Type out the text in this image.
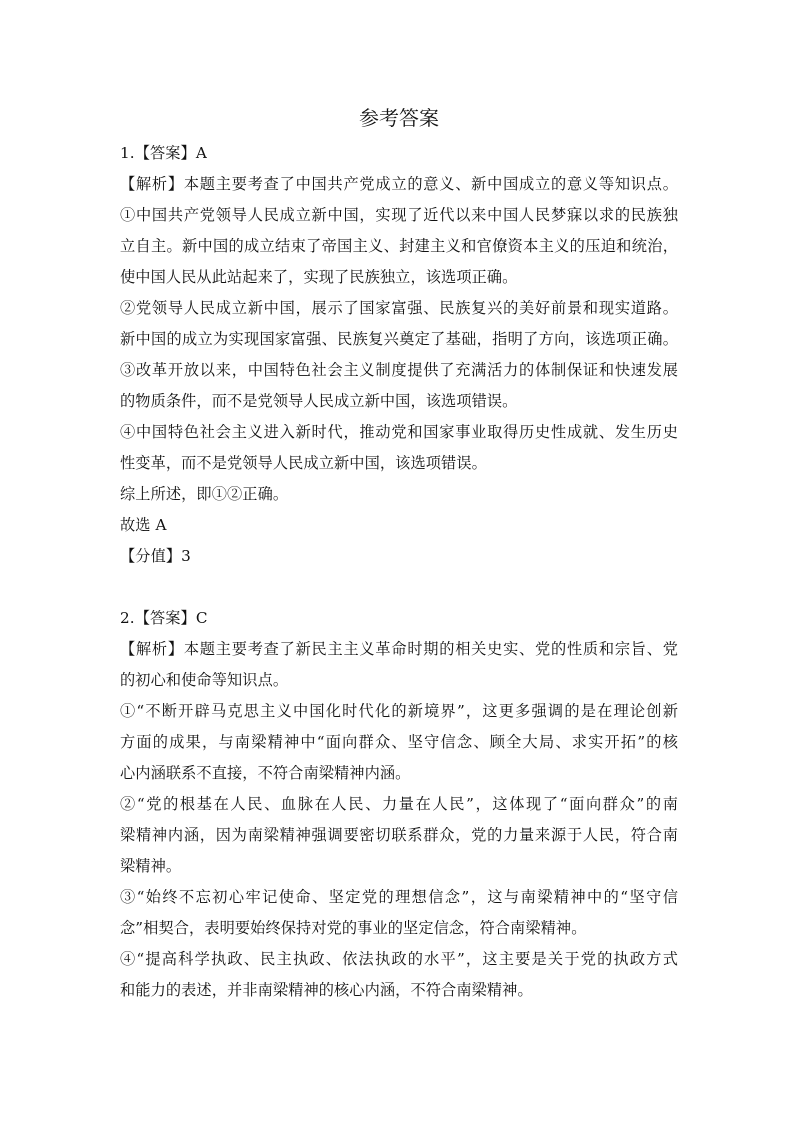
参考答案
1.【答案】A
【解析】本题主要考查了中国共产党成立的意义、新中国成立的意义等知识点。
①中国共产党领导人民成立新中国，实现了近代以来中国人民梦寐以求的民族独
立自主。新中国的成立结束了帝国主义、封建主义和官僚资本主义的压迫和统治，
使中国人民从此站起来了，实现了民族独立，该选项正确。
②党领导人民成立新中国，展示了国家富强、民族复兴的美好前景和现实道路。
新中国的成立为实现国家富强、民族复兴奠定了基础，指明了方向，该选项正确。
③改革开放以来，中国特色社会主义制度提供了充满活力的体制保证和快速发展
的物质条件，而不是党领导人民成立新中国，该选项错误。
④中国特色社会主义进入新时代，推动党和国家事业取得历史性成就、发生历史
性变革，而不是党领导人民成立新中国，该选项错误。
综上所述，即①②正确。
故选 A
【分值】3
2.【答案】C
【解析】本题主要考查了新民主主义革命时期的相关史实、党的性质和宗旨、党
的初心和使命等知识点。
①“不断开辟马克思主义中国化时代化的新境界”，这更多强调的是在理论创新
方面的成果，与南梁精神中“面向群众、坚守信念、顾全大局、求实开拓”的核
心内涵联系不直接，不符合南梁精神内涵。
②“党的根基在人民、血脉在人民、力量在人民”，这体现了“面向群众”的南
梁精神内涵，因为南梁精神强调要密切联系群众，党的力量来源于人民，符合南
梁精神。
③“始终不忘初心牢记使命、坚定党的理想信念”，这与南梁精神中的“坚守信
念”相契合，表明要始终保持对党的事业的坚定信念，符合南梁精神。
④“提高科学执政、民主执政、依法执政的水平”，这主要是关于党的执政方式
和能力的表述，并非南梁精神的核心内涵，不符合南梁精神。
